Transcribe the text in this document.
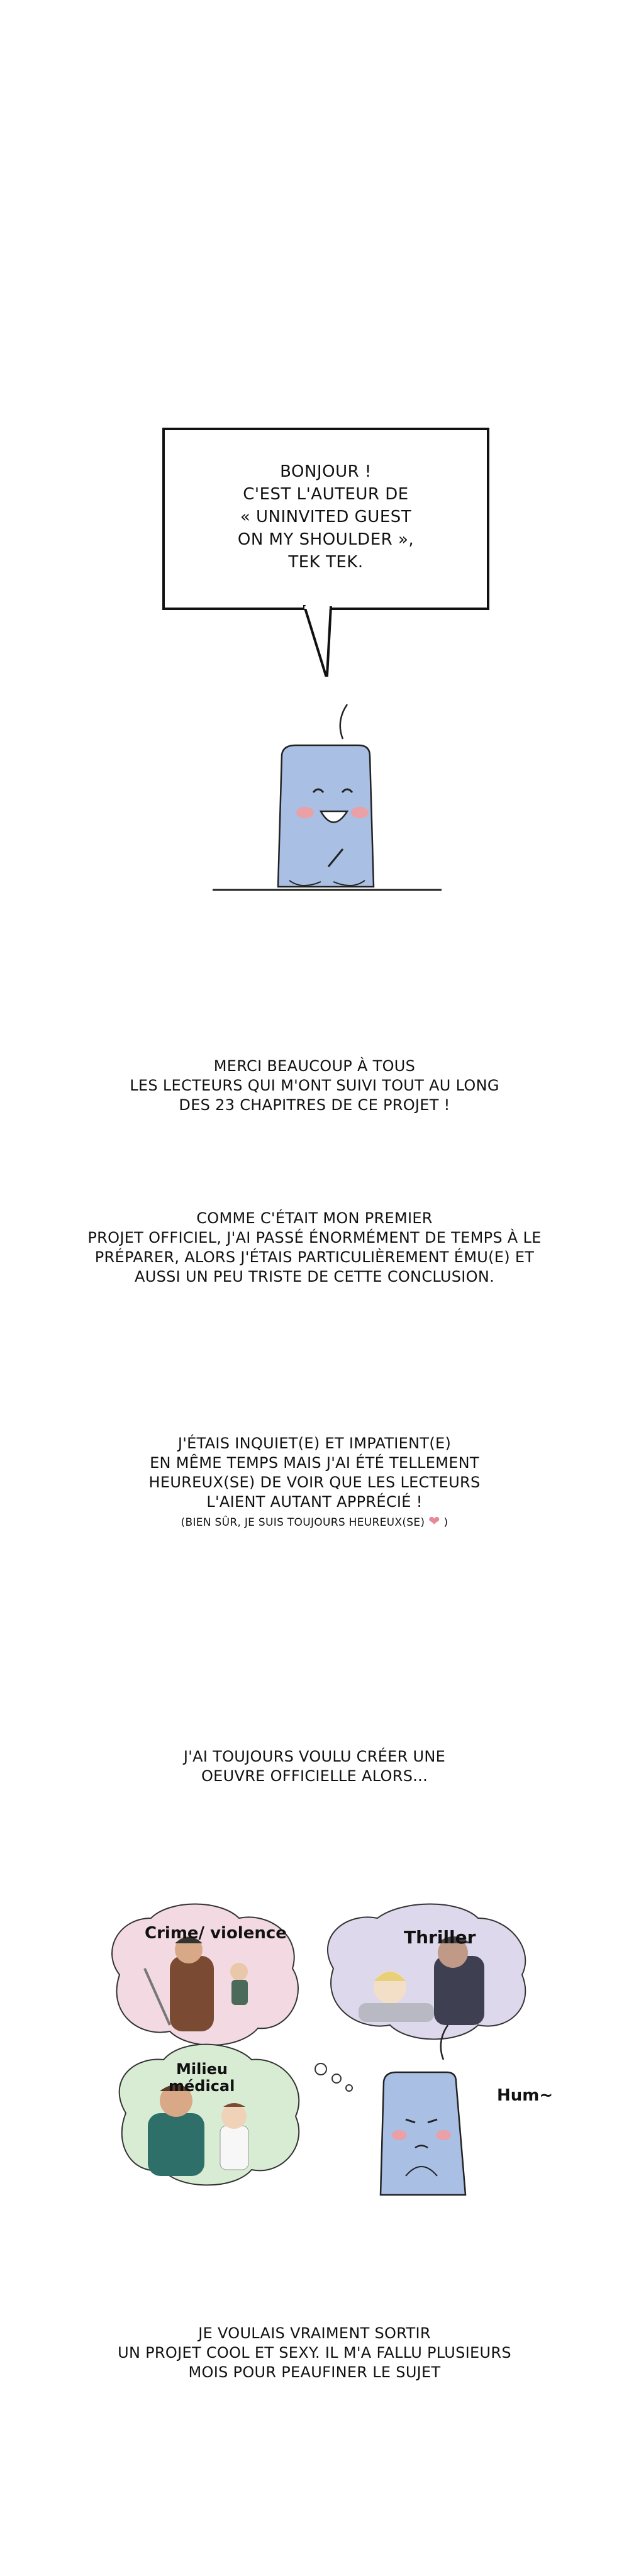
BONJOUR !
C'EST L'AUTEUR DE
« UNINVITED GUEST
ON MY SHOULDER »,
TEK TEK.
MERCI BEAUCOUP À TOUS
LES LECTEURS QUI M'ONT SUIVI TOUT AU LONG
DES 23 CHAPITRES DE CE PROJET !
COMME C'ÉTAIT MON PREMIER
PROJET OFFICIEL, J'AI PASSÉ ÉNORMÉMENT DE TEMPS À LE
PRÉPARER, ALORS J'ÉTAIS PARTICULIÈREMENT ÉMU(E) ET
AUSSI UN PEU TRISTE DE CETTE CONCLUSION.
J'ÉTAIS INQUIET(E) ET IMPATIENT(E)
EN MÊME TEMPS MAIS J'AI ÉTÉ TELLEMENT
HEUREUX(SE) DE VOIR QUE LES LECTEURS
L'AIENT AUTANT APPRÉCIÉ !
(BIEN SÛR, JE SUIS TOUJOURS HEUREUX(SE) ❤ )
J'AI TOUJOURS VOULU CRÉER UNE
OEUVRE OFFICIELLE ALORS...
Crime/ violence	Thriller
Milieu
médical	Hum~
JE VOULAIS VRAIMENT SORTIR
UN PROJET COOL ET SEXY. IL M'A FALLU PLUSIEURS
MOIS POUR PEAUFINER LE SUJET
